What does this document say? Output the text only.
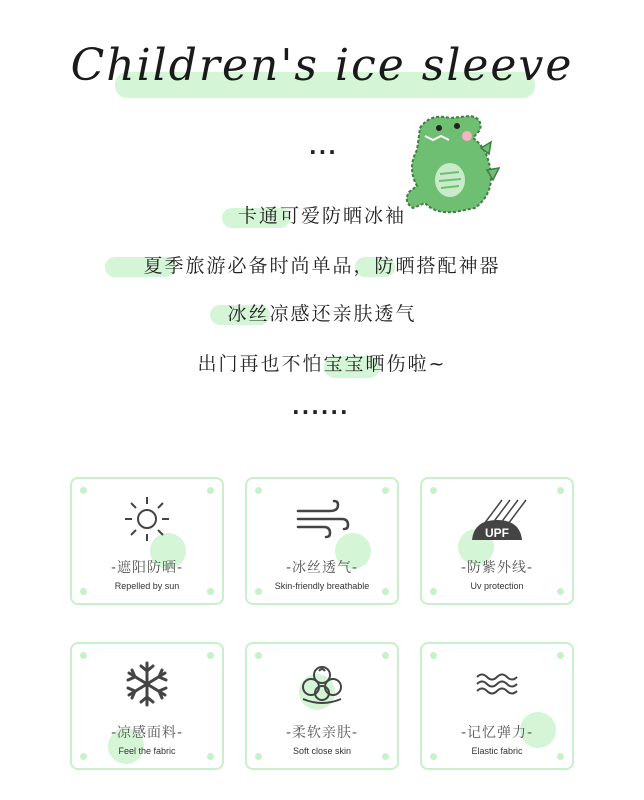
Children's ice sleeve
...
卡通可爱防晒冰袖
夏季旅游必备时尚单品，防晒搭配神器
冰丝凉感还亲肤透气
出门再也不怕宝宝晒伤啦~
......
-遮阳防晒-
Repelled by sun
-冰丝透气-
Skin-friendly breathable
UPF
-防紫外线-
Uv protection
-凉感面料-
Feel the fabric
-柔软亲肤-
Soft close skin
-记忆弹力-
Elastic fabric
